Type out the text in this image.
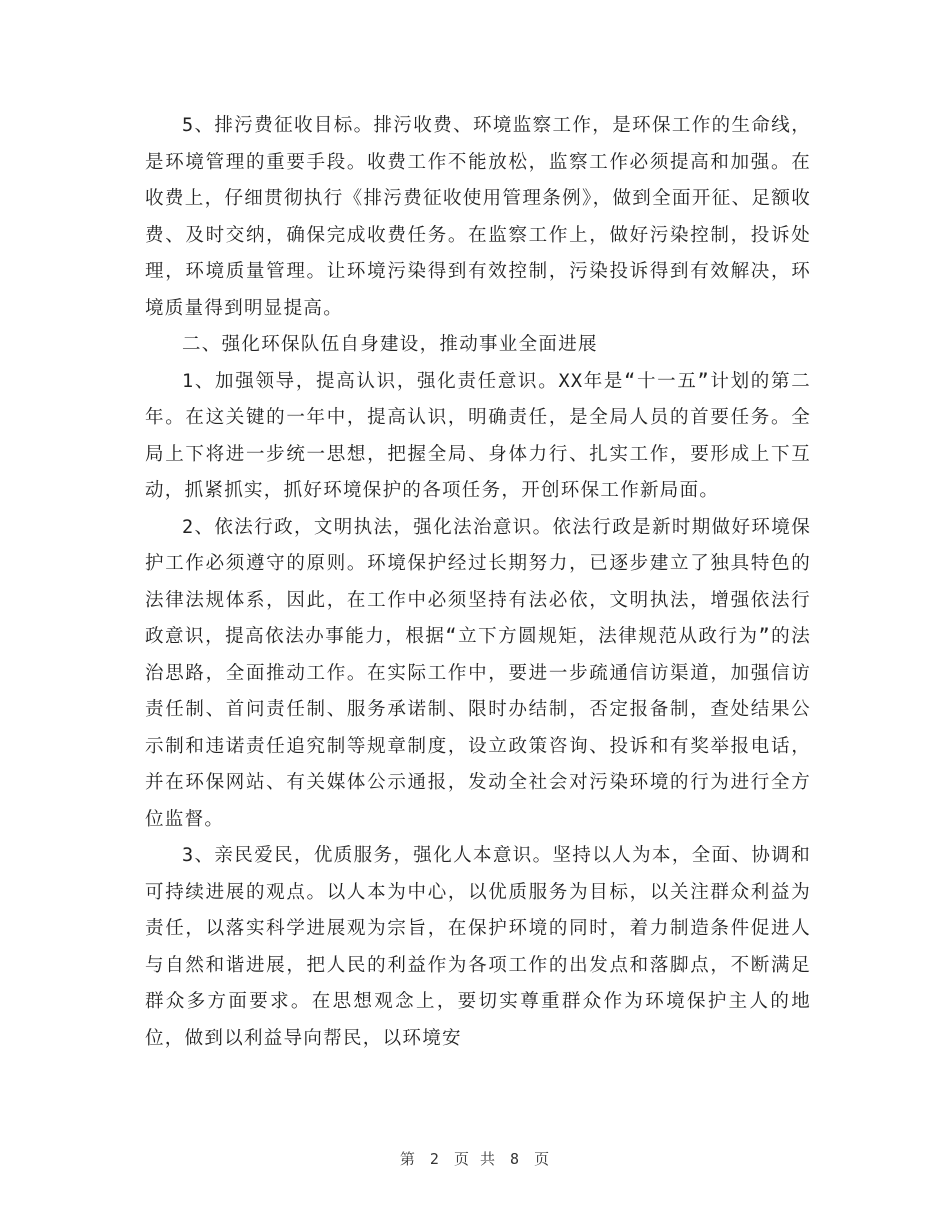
5、排污费征收目标。排污收费、环境监察工作，是环保工作的生命线，是环境管理的重要手段。收费工作不能放松，监察工作必须提高和加强。在收费上，仔细贯彻执行《排污费征收使用管理条例》，做到全面开征、足额收费、及时交纳，确保完成收费任务。在监察工作上，做好污染控制，投诉处理，环境质量管理。让环境污染得到有效控制，污染投诉得到有效解决，环境质量得到明显提高。

二、强化环保队伍自身建设，推动事业全面进展

1、加强领导，提高认识，强化责任意识。XX年是“十一五”计划的第二年。在这关键的一年中，提高认识，明确责任，是全局人员的首要任务。全局上下将进一步统一思想，把握全局、身体力行、扎实工作，要形成上下互动，抓紧抓实，抓好环境保护的各项任务，开创环保工作新局面。

2、依法行政，文明执法，强化法治意识。依法行政是新时期做好环境保护工作必须遵守的原则。环境保护经过长期努力，已逐步建立了独具特色的法律法规体系，因此，在工作中必须坚持有法必依，文明执法，增强依法行政意识，提高依法办事能力，根据“立下方圆规矩，法律规范从政行为”的法治思路，全面推动工作。在实际工作中，要进一步疏通信访渠道，加强信访责任制、首问责任制、服务承诺制、限时办结制，否定报备制，查处结果公示制和违诺责任追究制等规章制度，设立政策咨询、投诉和有奖举报电话，并在环保网站、有关媒体公示通报，发动全社会对污染环境的行为进行全方位监督。

3、亲民爱民，优质服务，强化人本意识。坚持以人为本，全面、协调和可持续进展的观点。以人本为中心，以优质服务为目标，以关注群众利益为责任，以落实科学进展观为宗旨，在保护环境的同时，着力制造条件促进人与自然和谐进展，把人民的利益作为各项工作的出发点和落脚点，不断满足群众多方面要求。在思想观念上，要切实尊重群众作为环境保护主人的地位，做到以利益导向帮民，以环境安

第 2 页 共 8 页
